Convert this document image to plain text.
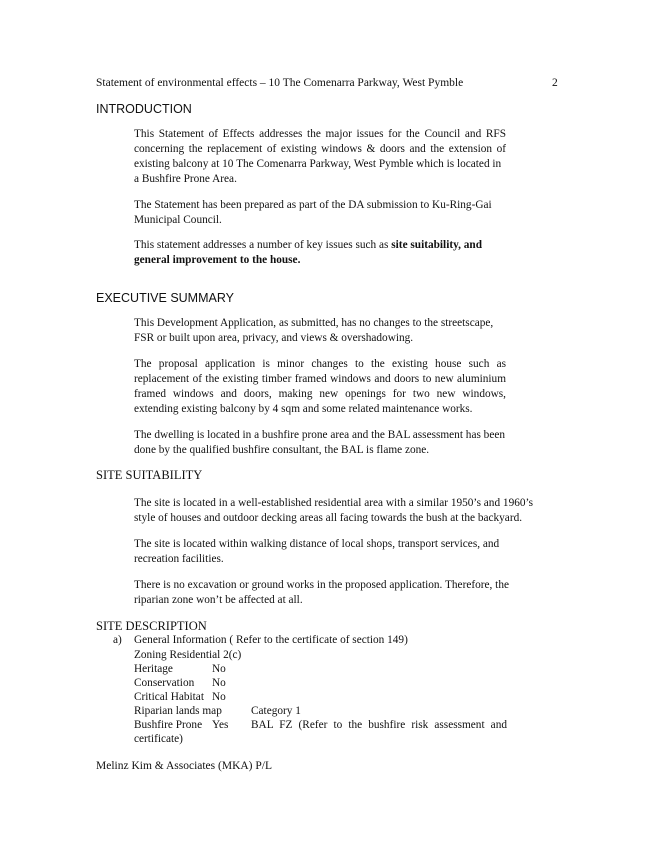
Statement of environmental effects – 10 The Comenarra Parkway, West Pymble	2
INTRODUCTION
This Statement of Effects addresses the major issues for the Council and RFS
concerning the replacement of existing windows & doors and the extension of
existing balcony at 10 The Comenarra Parkway, West Pymble which is located in
a Bushfire Prone Area.
The Statement has been prepared as part of the DA submission to Ku-Ring-Gai
Municipal Council.
This statement addresses a number of key issues such as site suitability, and
general improvement to the house.
EXECUTIVE SUMMARY
This Development Application, as submitted, has no changes to the streetscape,
FSR or built upon area, privacy, and views & overshadowing.
The proposal application is minor changes to the existing house such as
replacement of the existing timber framed windows and doors to new aluminium
framed windows and doors, making new openings for two new windows,
extending existing balcony by 4 sqm and some related maintenance works.
The dwelling is located in a bushfire prone area and the BAL assessment has been
done by the qualified bushfire consultant, the BAL is flame zone.
SITE SUITABILITY
The site is located in a well-established residential area with a similar 1950’s and 1960’s
style of houses and outdoor decking areas all facing towards the bush at the backyard.
The site is located within walking distance of local shops, transport services, and
recreation facilities.
There is no excavation or ground works in the proposed application. Therefore, the
riparian zone won’t be affected at all.
SITE DESCRIPTION
a) General Information ( Refer to the certificate of section 149)
Zoning Residential 2(c)
Heritage	No
Conservation No
Critical Habitat No
Riparian lands map	Category 1
Bushfire Prone Yes BAL FZ (Refer to the bushfire risk assessment and
certificate)
Melinz Kim & Associates (MKA) P/L
